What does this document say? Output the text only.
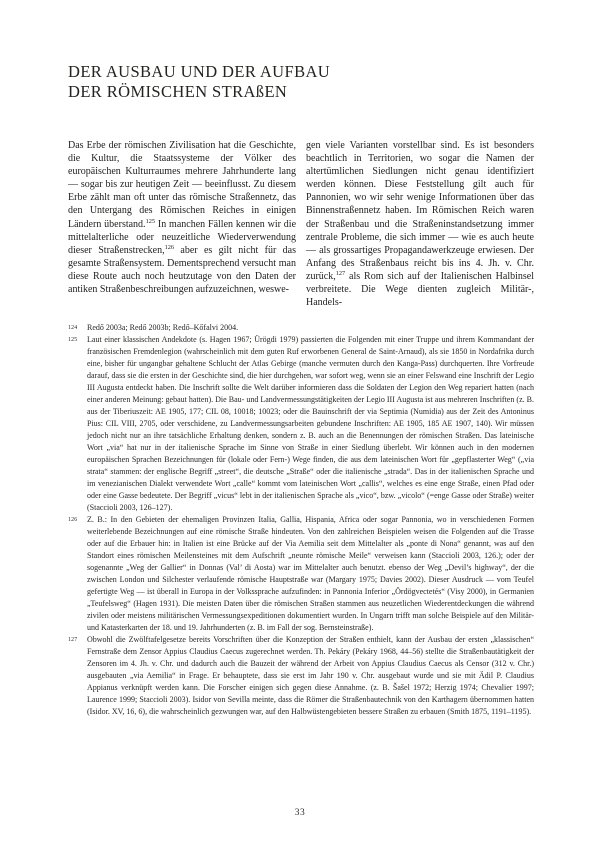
DER AUSBAU UND DER AUFBAU
DER RÖMISCHEN STRAßEN

Das Erbe der römischen Zivilisation hat die Geschichte, die Kultur, die Staatssysteme der Völker des europäischen Kulturraumes mehrere Jahrhunderte lang — sogar bis zur heutigen Zeit — beeinflusst. Zu diesem Erbe zählt man oft unter das römische Straßennetz, das den Untergang des Römischen Reiches in einigen Ländern überstand.$^{125}$ In manchen Fällen kennen wir die mittelalterliche oder neuzeitliche Wiederverwendung dieser Straßenstrecken,$^{126}$ aber es gilt nicht für das gesamte Straßensystem. Dementsprechend versucht man diese Route auch noch heutzutage von den Daten der antiken Straßenbeschreibungen aufzuzeichnen, weswe-

gen viele Varianten vorstellbar sind. Es ist besonders beachtlich in Territorien, wo sogar die Namen der altertümlichen Siedlungen nicht genau identifiziert werden können. Diese Feststellung gilt auch für Pannonien, wo wir sehr wenige Informationen über das Binnenstraßennetz haben. Im Römischen Reich waren der Straßenbau und die Straßeninstandsetzung immer zentrale Probleme, die sich immer — wie es auch heute — als grossartiges Propagandawerkzeuge erwiesen. Der Anfang des Straßenbaus reicht bis ins 4. Jh. v. Chr. zurück,$^{127}$ als Rom sich auf der Italienischen Halbinsel verbreitete. Die Wege dienten zugleich Militär-, Handels-

124 Redő 2003a; Redő 2003b; Redő–Kőfalvi 2004.
125 Laut einer klassischen Andekdote (s. Hagen 1967; Ürögdi 1979) passierten die Folgenden mit einer Truppe und ihrem Kommandant der französischen Fremdenlegion (wahrscheinlich mit dem guten Ruf erworbenen General de Saint-Arnaud), als sie 1850 in Nordafrika durch eine, bisher für ungangbar gehaltene Schlucht der Atlas Gebirge (manche vermuten durch den Kanga-Pass) durchquerten. Ihre Vorfreude darauf, dass sie die ersten in der Geschichte sind, die hier durchgehen, war sofort weg, wenn sie an einer Felswand eine Inschrift der Legio III Augusta entdeckt haben. Die Inschrift sollte die Welt darüber informieren dass die Soldaten der Legion den Weg repariert hatten (nach einer anderen Meinung: gebaut hatten). Die Bau- und Landvermessungstätigkeiten der Legio III Augusta ist aus mehreren Inschriften (z. B. aus der Tiberiuszeit: AE 1905, 177; CIL 08, 10018; 10023; oder die Bauinschrift der via Septimia (Numidia) aus der Zeit des Antoninus Pius: CIL VIII, 2705, oder verschidene, zu Landvermessungsarbeiten gebundene Inschriften: AE 1905, 185 AE 1907, 140). Wir müssen jedoch nicht nur an ihre tatsächliche Erhaltung denken, sondern z. B. auch an die Benennungen der römischen Straßen. Das lateinische Wort „via“ hat nur in der italienische Sprache im Sinne von Straße in einer Siedlung überlebt. Wir können auch in den modernen europäischen Sprachen Bezeichnungen für (lokale oder Fern-) Wege finden, die aus dem lateinischen Wort für „gepflasterter Weg“ („via strata“ stammen: der englische Begriff „street“, die deutsche „Straße“ oder die italienische „strada“. Das in der italienischen Sprache und im venezianischen Dialekt verwendete Wort „calle“ kommt vom lateinischen Wort „callis“, welches es eine enge Straße, einen Pfad oder oder eine Gasse bedeutete. Der Begriff „vicus“ lebt in der italienischen Sprache als „vico“, bzw. „vicolo“ (=enge Gasse oder Straße) weiter (Staccioli 2003, 126–127).
126 Z. B.: In den Gebieten der ehemaligen Provinzen Italia, Gallia, Hispania, Africa oder sogar Pannonia, wo in verschiedenen Formen weiterlebende Bezeichnungen auf eine römische Straße hindeuten. Von den zahlreichen Beispielen weisen die Folgenden auf die Trasse oder auf die Erbauer hin: in Italien ist eine Brücke auf der Via Aemilia seit dem Mittelalter als „ponte di Nona“ genannt, was auf den Standort eines römischen Meilensteines mit dem Aufschrift „neunte römische Meile“ verweisen kann (Staccioli 2003, 126.); oder der sogenannte „Weg der Gallier“ in Donnas (Val’ di Aosta) war im Mittelalter auch benutzt. ebenso der Weg „Devil’s highway“, der die zwischen London und Silchester verlaufende römische Hauptstraße war (Margary 1975; Davies 2002). Dieser Ausdruck — vom Teufel gefertigte Weg — ist überall in Europa in der Volkssprache aufzufinden: in Pannonia Inferior „Ördögvectetés“ (Visy 2000), in Germanien „Teufelsweg“ (Hagen 1931). Die meisten Daten über die römischen Straßen stammen aus neuzetlichen Wiederentdeckungen die während zivilen oder meistens militärischen Vermessungsexpeditionen dokumentiert wurden. In Ungarn trifft man solche Beispiele auf den Militär- und Katasterkarten der 18. und 19. Jahrhunderten (z. B. im Fall der sog. Bernsteinstraße).
127 Obwohl die Zwölftafelgesetze bereits Vorschriften über die Konzeption der Straßen enthielt, kann der Ausbau der ersten „klassischen“ Fernstraße dem Zensor Appius Claudius Caecus zugerechnet werden. Th. Pekáry (Pekáry 1968, 44–56) stellte die Straßenbautätigkeit der Zensoren im 4. Jh. v. Chr. und dadurch auch die Bauzeit der während der Arbeit von Appius Claudius Caecus als Censor (312 v. Chr.) ausgebauten „via Aemilia“ in Frage. Er behauptete, dass sie erst im Jahr 190 v. Chr. ausgebaut wurde und sie mit Ädil P. Claudius Appianus verknüpft werden kann. Die Forscher einigen sich gegen diese Annahme. (z. B. Šašel 1972; Herzig 1974; Chevalier 1997; Laurence 1999; Staccioli 2003). Isidor von Sevilla meinte, dass die Römer die Straßenbautechnik von den Karthagern übernommen hatten (Isidor. XV, 16, 6), die wahrscheinlich gezwungen war, auf den Halbwüstengebieten bessere Straßen zu erbauen (Smith 1875, 1191–1195).
33
